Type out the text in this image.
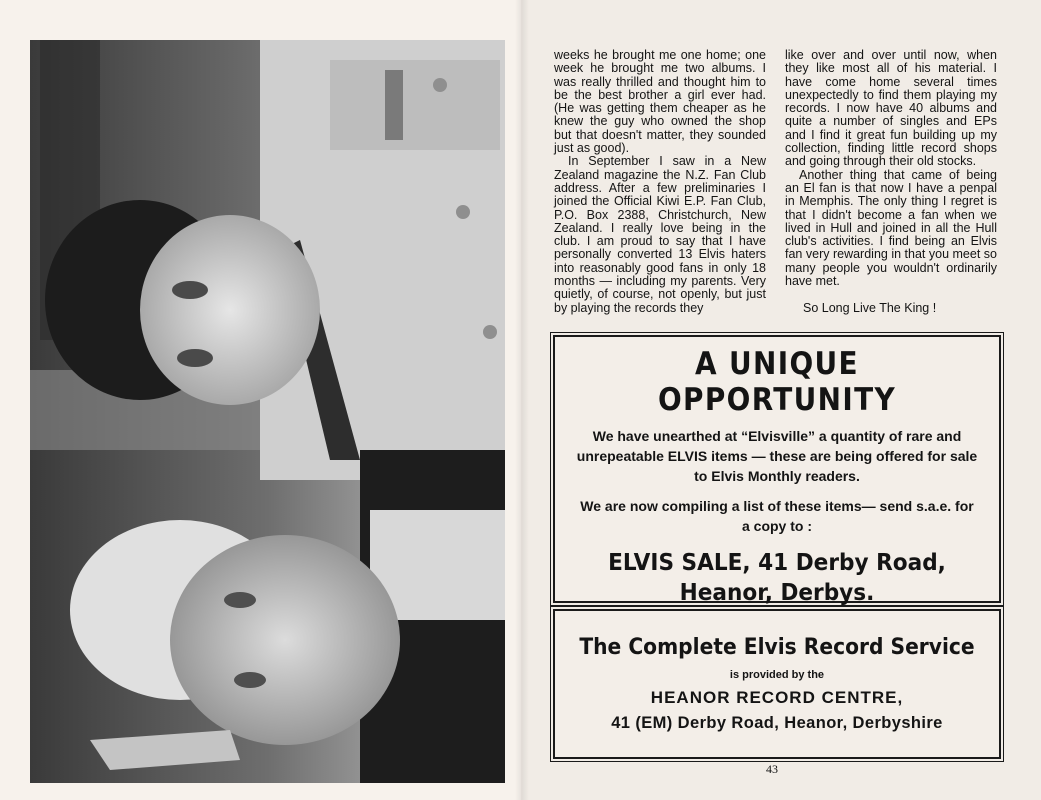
weeks he brought me one home; one week he brought me two albums. I was really thrilled and thought him to be the best brother a girl ever had. (He was getting them cheaper as he knew the guy who owned the shop but that doesn't matter, they sounded just as good).

In September I saw in a New Zealand magazine the N.Z. Fan Club address. After a few preliminaries I joined the Official Kiwi E.P. Fan Club, P.O. Box 2388, Christchurch, New Zealand. I really love being in the club. I am proud to say that I have personally converted 13 Elvis haters into reasonably good fans in only 18 months — including my parents. Very quietly, of course, not openly, but just by playing the records they

like over and over until now, when they like most all of his material. I have come home several times unexpectedly to find them playing my records. I now have 40 albums and quite a number of singles and EPs and I find it great fun building up my collection, finding little record shops and going through their old stocks.

Another thing that came of being an El fan is that now I have a penpal in Memphis. The only thing I regret is that I didn't become a fan when we lived in Hull and joined in all the Hull club's activities. I find being an Elvis fan very rewarding in that you meet so many people you wouldn't ordinarily have met.

So Long Live The King !

A UNIQUE OPPORTUNITY
We have unearthed at “Elvisville” a quantity of rare and unrepeatable ELVIS items — these are being offered for sale to Elvis Monthly readers.
We are now compiling a list of these items— send s.a.e. for a copy to :
ELVIS SALE, 41 Derby Road,
Heanor, Derbys.
The Complete Elvis Record Service
is provided by the
HEANOR RECORD CENTRE,
41 (EM) Derby Road, Heanor, Derbyshire
43
